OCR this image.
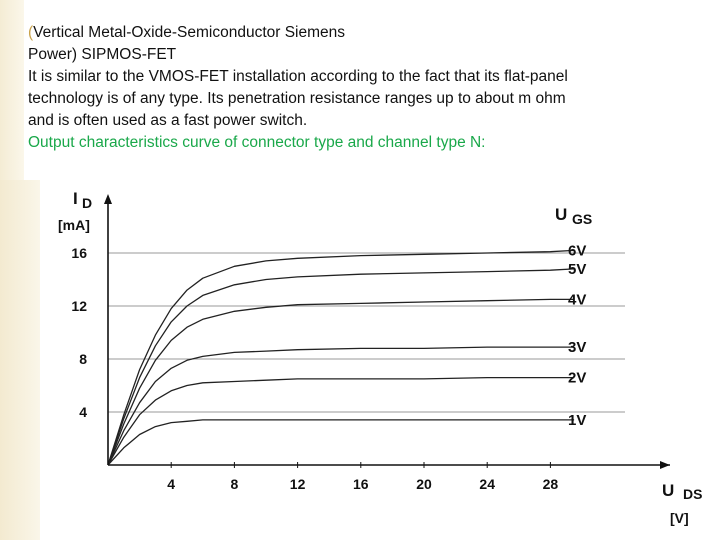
(Vertical Metal-Oxide-Semiconductor Siemens
Power) SIPMOS-FET
It is similar to the VMOS-FET installation according to the fact that its flat-panel
technology is of any type. Its penetration resistance ranges up to about m ohm
and is often used as a fast power switch.
Output characteristics curve of connector type and channel type N:
4	8	12	16	20	24	28
4
8
12
16
I D
[mA]
U DS
[V]
U GS
6V
5V
4V
3V
2V
1V
